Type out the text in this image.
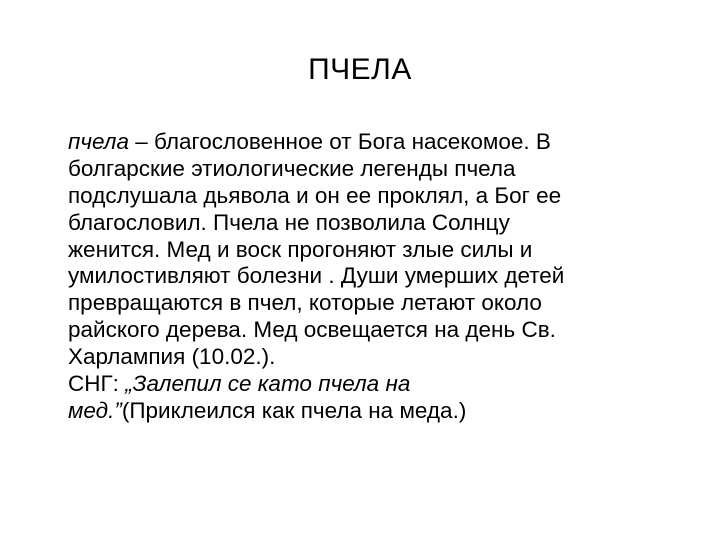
ПЧЕЛА
пчела – благословенное от Бога насекомое. В
болгарские этиологические легенды пчела
подслушала дьявола и он ее проклял, а Бог ее
благословил. Пчела не позволила Солнцу
женится. Мед и воск прогоняют злые силы и
умилостивляют болезни . Души умерших детей
превращаются в пчел, которые летают около
райского дерева. Мед освещается на день Св.
Харлампия (10.02.).
СНГ: „Залепил се като пчела на
мед.”(Приклеился как пчела на меда.)
